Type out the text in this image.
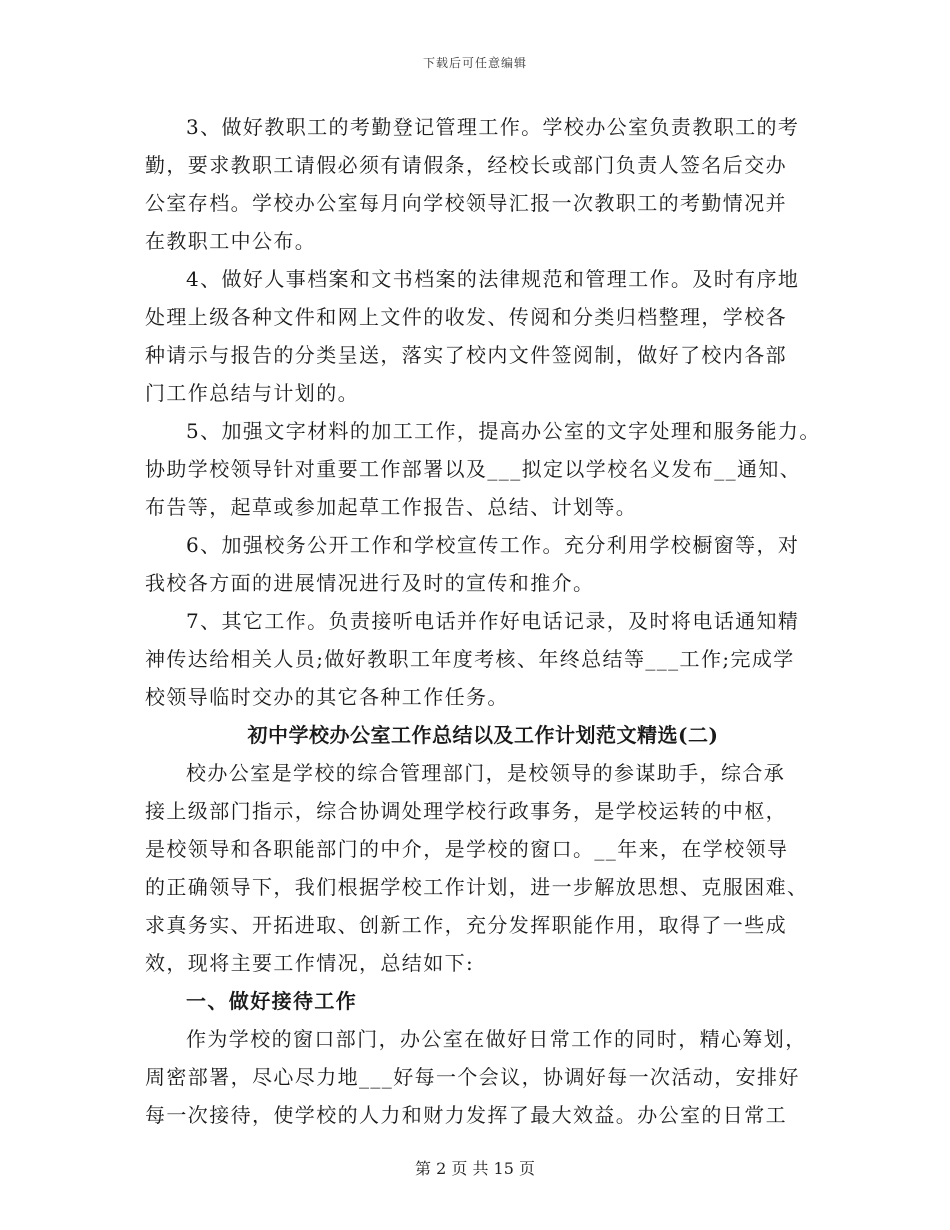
下载后可任意编辑
3、做好教职工的考勤登记管理工作。学校办公室负责教职工的考
勤，要求教职工请假必须有请假条，经校长或部门负责人签名后交办
公室存档。学校办公室每月向学校领导汇报一次教职工的考勤情况并
在教职工中公布。
4、做好人事档案和文书档案的法律规范和管理工作。及时有序地
处理上级各种文件和网上文件的收发、传阅和分类归档整理，学校各
种请示与报告的分类呈送，落实了校内文件签阅制，做好了校内各部
门工作总结与计划的。
5、加强文字材料的加工工作，提高办公室的文字处理和服务能力。
协助学校领导针对重要工作部署以及___拟定以学校名义发布__通知、
布告等，起草或参加起草工作报告、总结、计划等。
6、加强校务公开工作和学校宣传工作。充分利用学校橱窗等，对
我校各方面的进展情况进行及时的宣传和推介。
7、其它工作。负责接听电话并作好电话记录，及时将电话通知精
神传达给相关人员;做好教职工年度考核、年终总结等___工作;完成学
校领导临时交办的其它各种工作任务。
初中学校办公室工作总结以及工作计划范文精选(二)
校办公室是学校的综合管理部门，是校领导的参谋助手，综合承
接上级部门指示，综合协调处理学校行政事务，是学校运转的中枢，
是校领导和各职能部门的中介，是学校的窗口。__年来，在学校领导
的正确领导下，我们根据学校工作计划，进一步解放思想、克服困难、
求真务实、开拓进取、创新工作，充分发挥职能作用，取得了一些成
效，现将主要工作情况，总结如下:
一、做好接待工作
作为学校的窗口部门，办公室在做好日常工作的同时，精心筹划，
周密部署，尽心尽力地___好每一个会议，协调好每一次活动，安排好
每一次接待，使学校的人力和财力发挥了最大效益。办公室的日常工
第 2 页 共 15 页
